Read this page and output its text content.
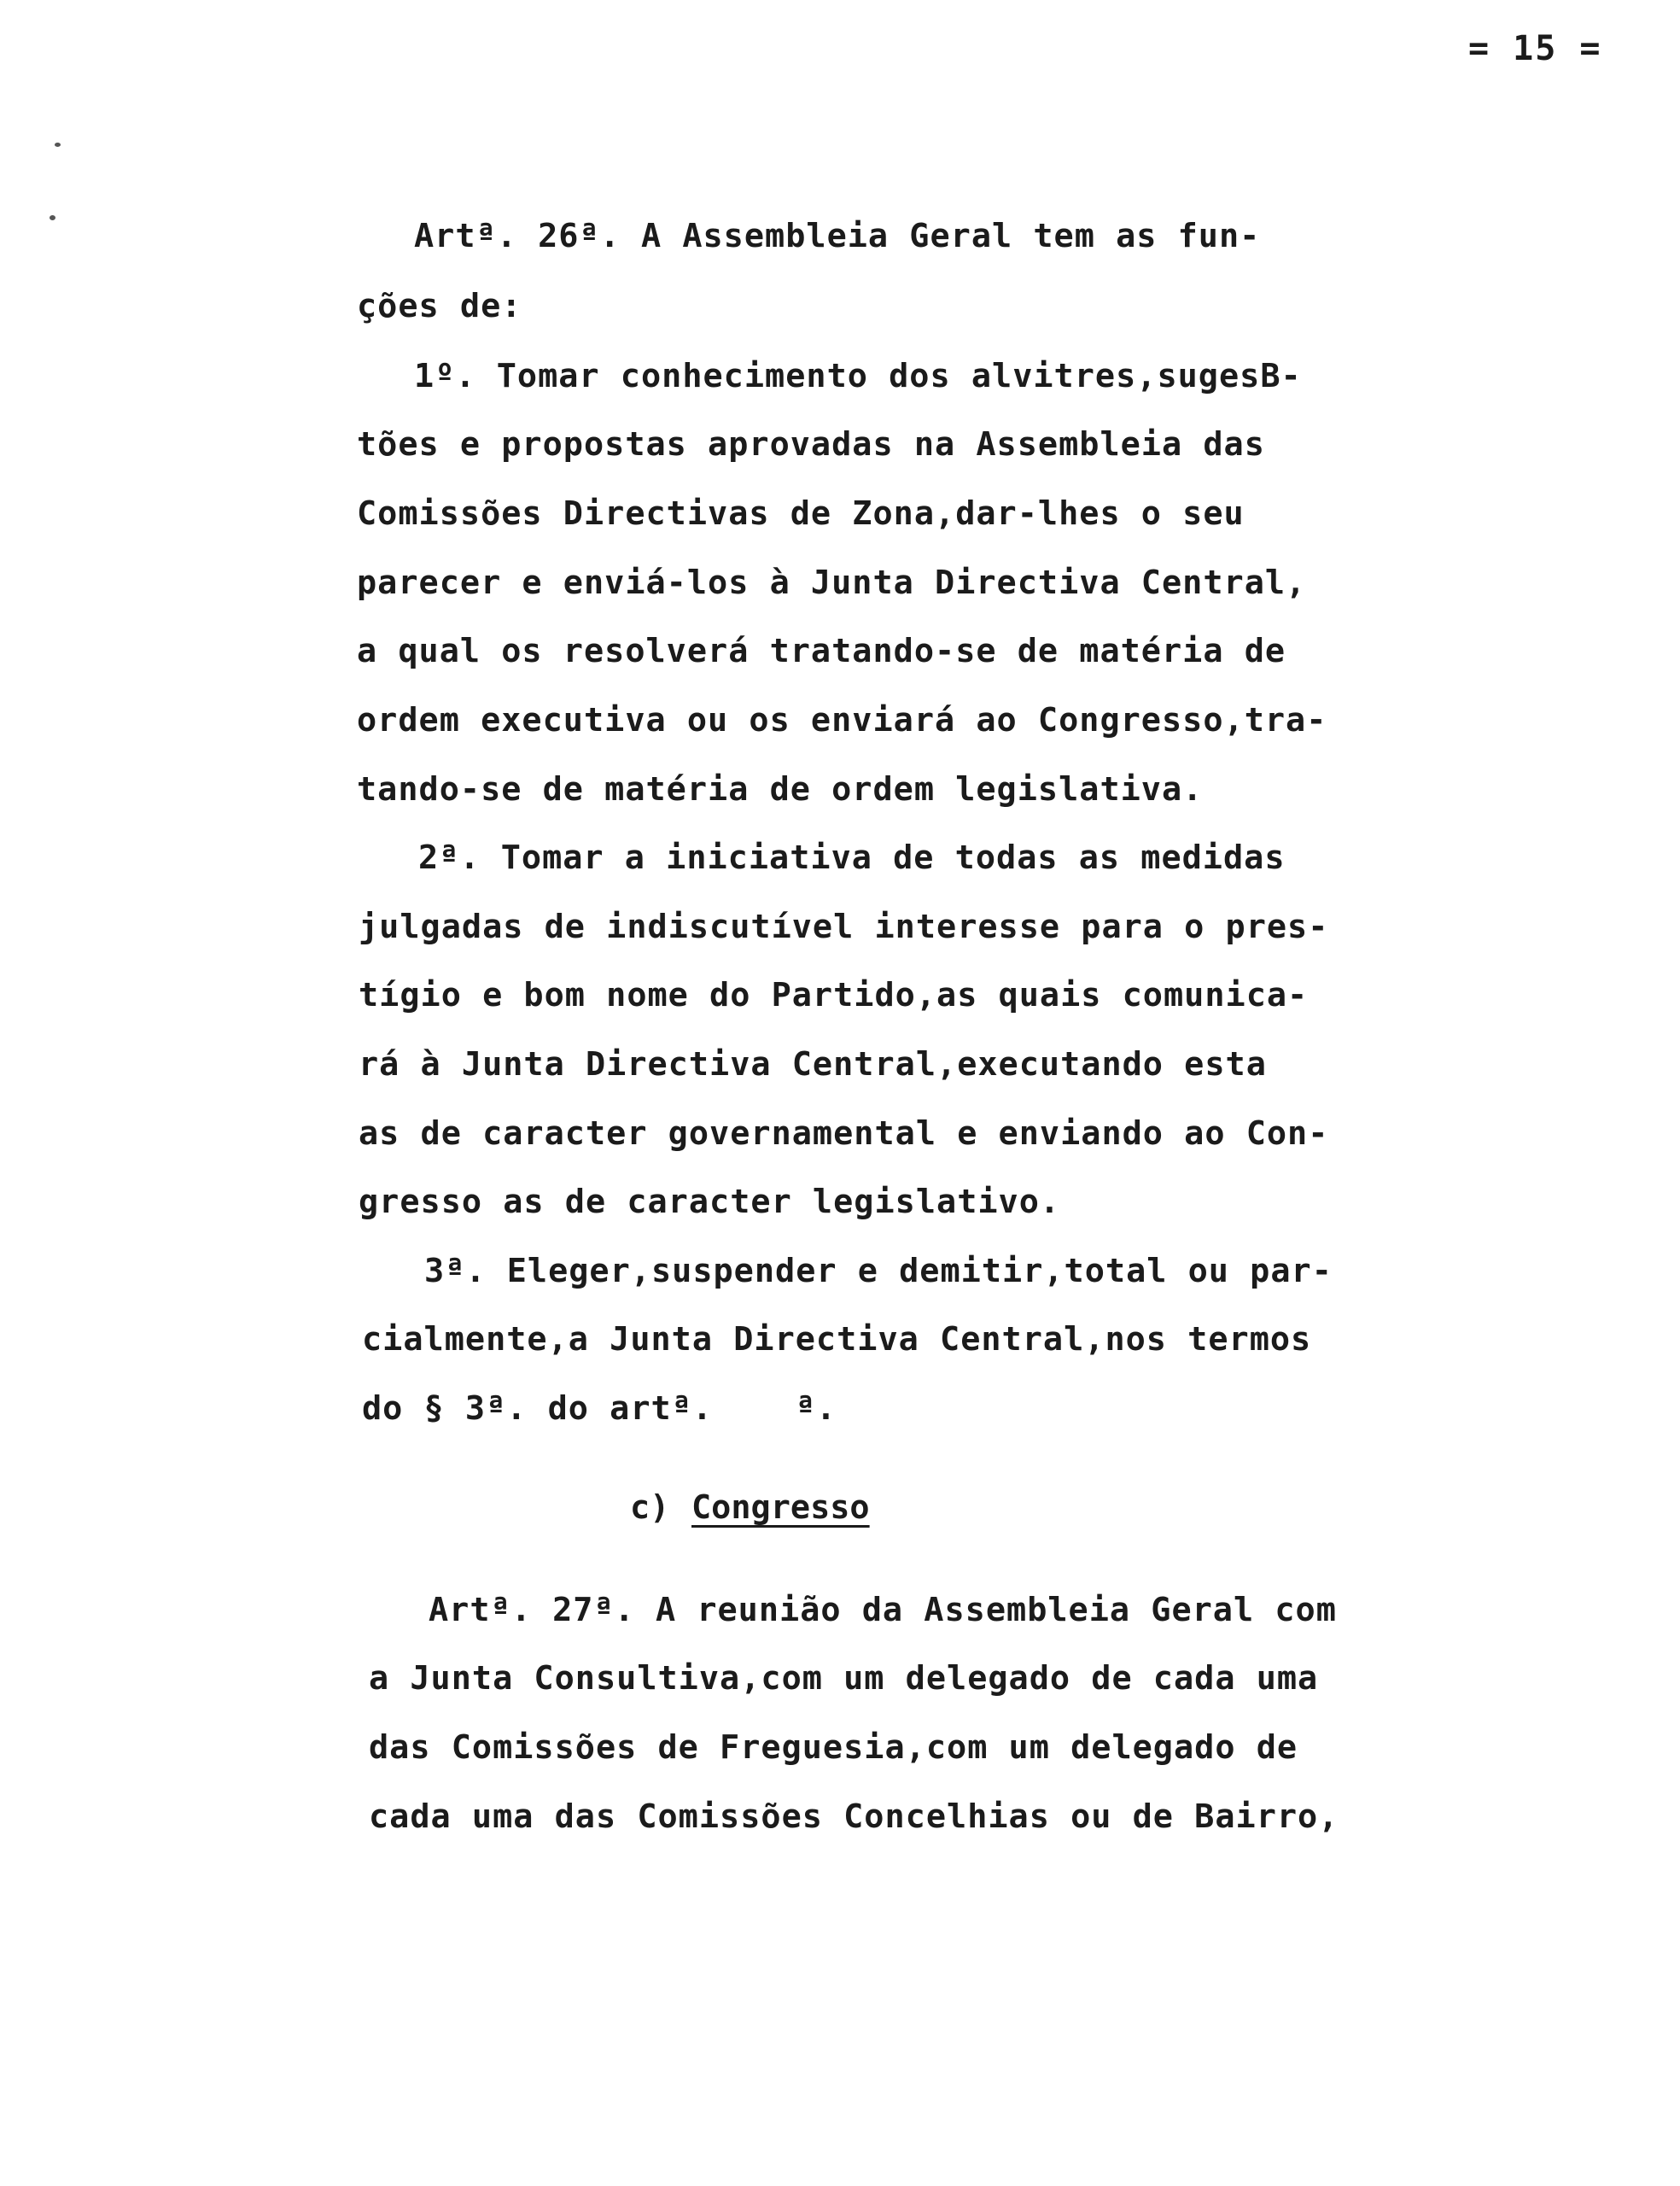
= 15 =
Artª. 26ª. A Assembleia Geral tem as fun-
ções de:
1º. Tomar conhecimento dos alvitres,sugesB-
tões e propostas aprovadas na Assembleia das
Comissões Directivas de Zona,dar-lhes o seu
parecer e enviá-los à Junta Directiva Central,
a qual os resolverá tratando-se de matéria de
ordem executiva ou os enviará ao Congresso,tra-
tando-se de matéria de ordem legislativa.
2ª. Tomar a iniciativa de todas as medidas
julgadas de indiscutível interesse para o pres-
tígio e bom nome do Partido,as quais comunica-
rá à Junta Directiva Central,executando esta
as de caracter governamental e enviando ao Con-
gresso as de caracter legislativo.
3ª. Eleger,suspender e demitir,total ou par-
cialmente,a Junta Directiva Central,nos termos
do § 3ª. do artª.    ª.
c) Congresso
Artª. 27ª. A reunião da Assembleia Geral com
a Junta Consultiva,com um delegado de cada uma
das Comissões de Freguesia,com um delegado de
cada uma das Comissões Concelhias ou de Bairro,
